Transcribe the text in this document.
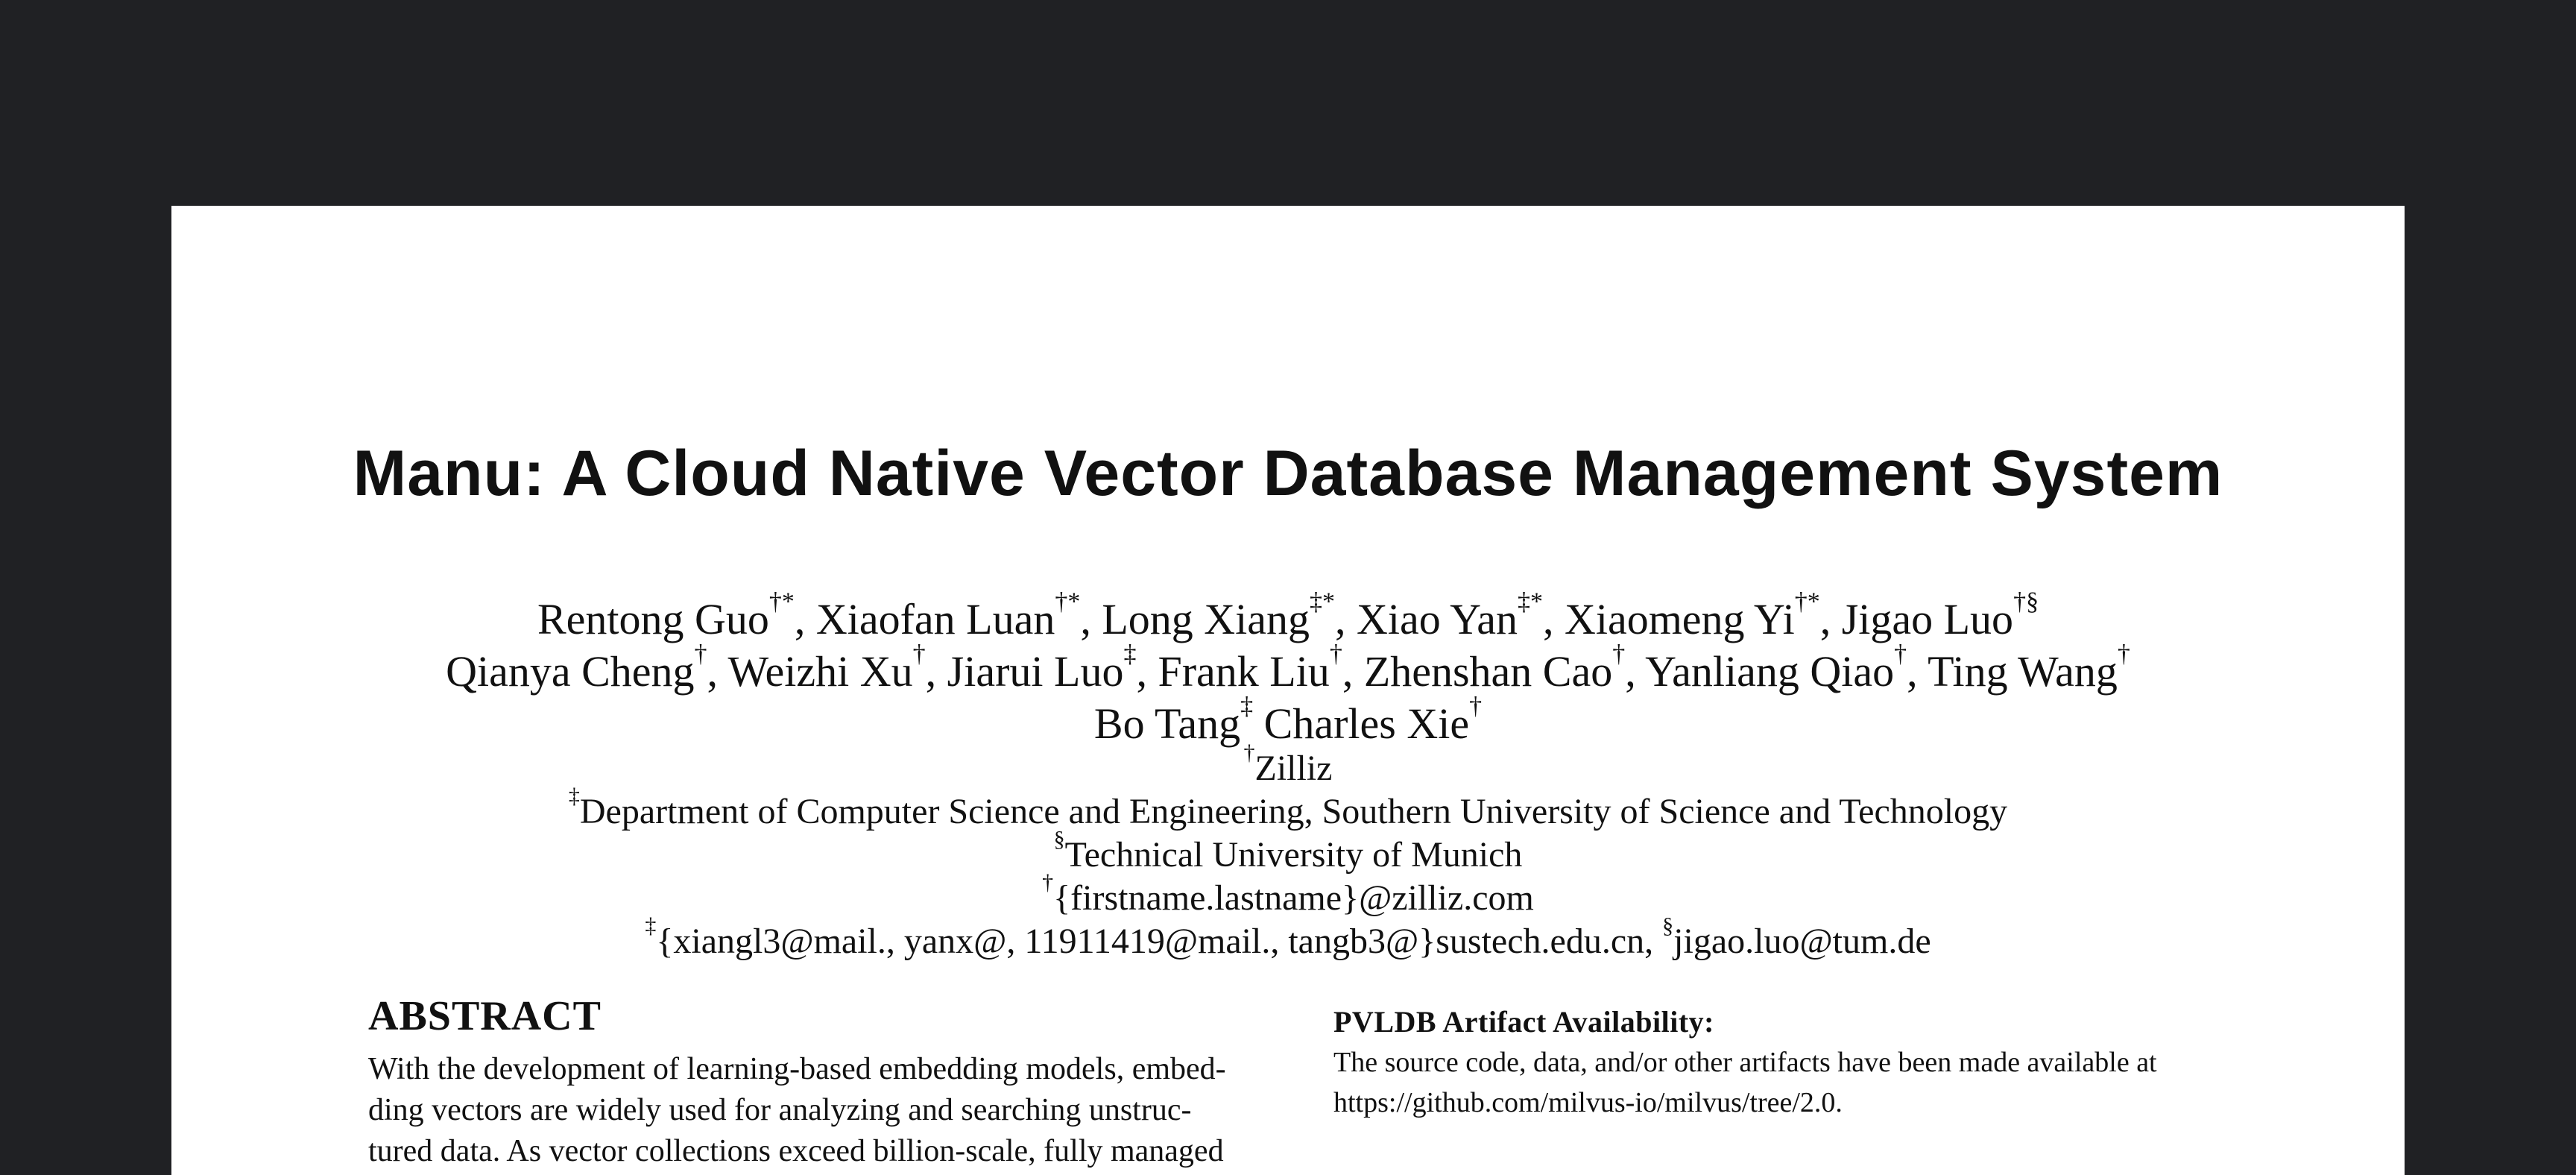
Manu: A Cloud Native Vector Database Management System
Rentong Guo†*, Xiaofan Luan†*, Long Xiang‡*, Xiao Yan‡*, Xiaomeng Yi†*, Jigao Luo†§
Qianya Cheng†, Weizhi Xu†, Jiarui Luo‡, Frank Liu†, Zhenshan Cao†, Yanliang Qiao†, Ting Wang†
Bo Tang‡ Charles Xie†
†Zilliz
‡Department of Computer Science and Engineering, Southern University of Science and Technology
§Technical University of Munich
†{firstname.lastname}@zilliz.com
‡{xiangl3@mail., yanx@, 11911419@mail., tangb3@}sustech.edu.cn, §jigao.luo@tum.de
ABSTRACT
With the development of learning-based embedding models, embed-
ding vectors are widely used for analyzing and searching unstruc-
tured data. As vector collections exceed billion-scale, fully managed
PVLDB Artifact Availability:
The source code, data, and/or other artifacts have been made available at
https://github.com/milvus-io/milvus/tree/2.0.
